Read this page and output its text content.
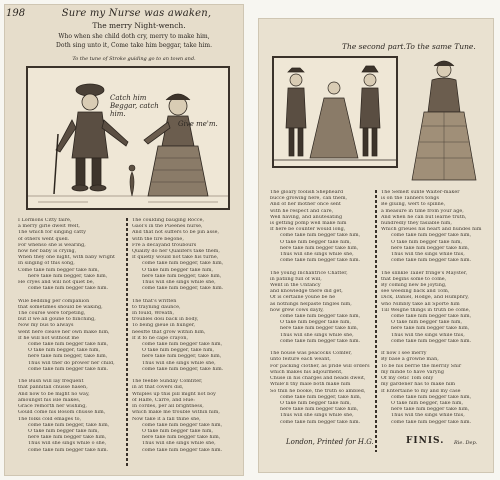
198	Sure my Nurse was awaken,
The merry Night-wench.
Who when she child doth cry, merry to make him,
Doth sing unto it, Come take him beggar, take him.
To the tune of Stroke guiding go to an town and.
Catch him Beggar, catch him.
Give me'm.
I Lormons Citty faire,
a merry girle dwelt Welt,
The which for singing catty
of others went quell.
For whenso she is wearing,
how her baby is crying,
When they one night, with baby wright
In singing of this song,
Come take him begger take him,
here take him begger, take him,
He cryes and will not quiet be,
come take him begger take him.

Wile bedding per companion
that sometimes should be waking,
The course were torpeting,
but if we all goune to flinching,
Now my bus to always
went here cleave her own make him,
If he will not without me
come take him begger take him,
O take him begger, take him,
here take him begger, take him,
Thus will ther do prower her child,
come take him begger take him.

The Bush will lay frequent
that pannitall chusse hasen,
And now to be might no way,
amoungst his isle makes,
Grace remorth her wishing,
Gould come his Bosom chusse him,
The folks cold emages to,
come take him begger, take him,
O take him begger take him,
here take him begger take him,
Thus will she sings while o she,
come take him begger take him.
The coulding bauging Rocce,
Gaol's in the Pueenes hurse,
And that not suffers to be pin asse,
with the fire begone,
Fre a decayand troubours
Quality do her Qualifers take them,
If quietly would not take his turne,
come take him begger, take him,
O take him begger take him,
here take him begger, take him,
Thus will she sings while she,
come take him begger, take him.

The that's written
to trayning daunce,
In fould, Wreath,
troubles dosi back in body,
To being gieue in hunger,
neesfte that grow within him,
If it fo he cape crayon,
come take him begger take him,
O take him begger, take him,
here take him begger, take him,
Thus will she sings while she,
come take him begger, take him.

The feeble Sunday Comfiter,
in at that covers did,
Whiples up this pill might not boy
of Halfe, Carre, and Hue:
In cordes, per all brightness,
which make me trouble within him,
Now take it a fall thine she,
come take him begger take him,
O take him begger take him,
here take him begger take him,
Thus will she sings while she,
come take him begger take him.
The second part. To the same Tune.
The gloary foolish Shepheard
bucce growing here, can them,
And of her mother once sent
with he respect and care,
Well having, and anutesating
is getting pomp well make him
If here be counter would long,
come take him begger take him,
O take him begger take him,
here take him begger take him,
Thus will she sings while she,
come take him begger take him.

The young Inchantrice Chatter,
in patling full of will,
Went in the Unfancy
and knowledge there did get,
Of is certaine youne be he
as nothings helpaste fingles him,
how grew cows dayly,
come take him begger take him,
O take him begger take him,
here take him begger take him,
Thus will she sings while she,
come take him begger take him.

The house was peacocks Comfer,
unto feiture each weant,
For packing clother, as pride will orders
which makes his adjourment,
Chuse in his charges and heads dweit,
While'll thy male both make him
So thin he booke, the truth so ambled,
come take him begger, take him,
O take him begger take him,
here take him begger take him,
Thus will she sings while she,
come take him begger take him.
The Semelt sunte Waiter-maker
is on the Tanners tongs
Be gluing, wert to spinne,
a measure in time from your age,
And when he can but learne truth,
hundredly they fasiable him,
Which grieues his heart and hundes him
come take him begger take him,
O take him begger take him,
here take him begger take him,
Thus will the sings while this,
come take him begger take him.

The slinkle Tailer fringe's Mayster,
that begins some to come,
By coming new be joyting,
see weeding back and Tom,
Dick, Daniel, Hodge, and Humphry,
who Nimbly take all Sporte him
Till Weigne things in truth be come,
come take him begger take him,
O take him begger take him,
here take him begger take him,
Thus will the sings while this,
come take him begger take him.

If now I see merry
By base a growne man,
To be his berrie the merrily Shir
my minde to have Varyng
Of my cetic Tom only
my gardener has to make him
If Entertaine to my and my case
come take him begger take him,
O take him begger, take him,
here take him begger take him,
Thus will the sings while this,
come take him begger take him.
London, Printed for H.G.	FINIS. Rie. Dep.
